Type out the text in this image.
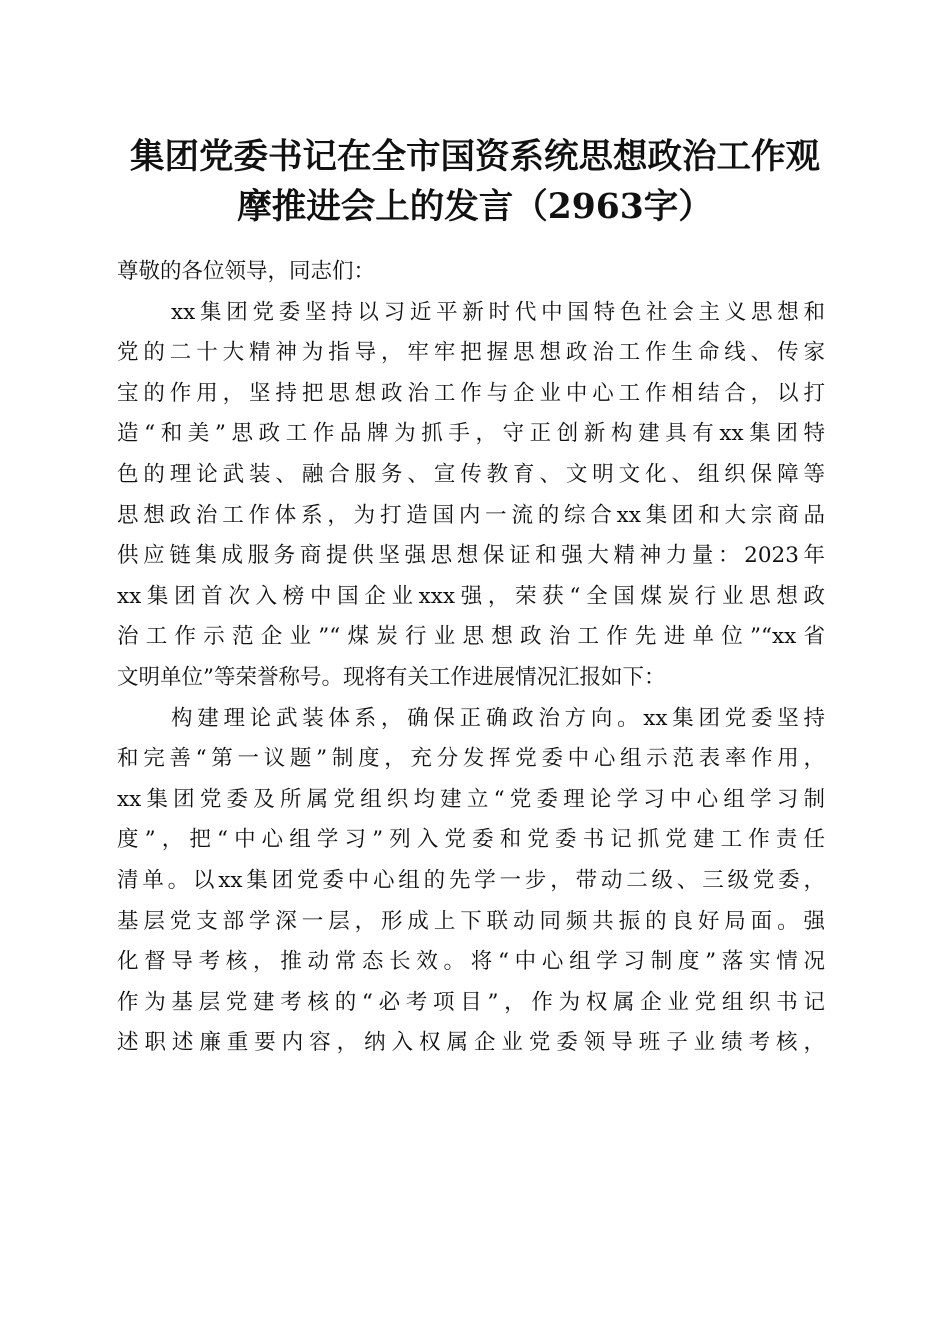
集团党委书记在全市国资系统思想政治工作观
摩推进会上的发言（2963字）
尊敬的各位领导，同志们：
xx集团党委坚持以习近平新时代中国特色社会主义思想和
党的二十大精神为指导，牢牢把握思想政治工作生命线、传家
宝的作用，坚持把思想政治工作与企业中心工作相结合，以打
造“和美”思政工作品牌为抓手，守正创新构建具有xx集团特
色的理论武装、融合服务、宣传教育、文明文化、组织保障等
思想政治工作体系，为打造国内一流的综合xx集团和大宗商品
供应链集成服务商提供坚强思想保证和强大精神力量：2023年
xx集团首次入榜中国企业xxx强，荣获“全国煤炭行业思想政
治工作示范企业”“煤炭行业思想政治工作先进单位”“xx省
文明单位”等荣誉称号。现将有关工作进展情况汇报如下：
构建理论武装体系，确保正确政治方向。xx集团党委坚持
和完善“第一议题”制度，充分发挥党委中心组示范表率作用，
xx集团党委及所属党组织均建立“党委理论学习中心组学习制
度”，把“中心组学习”列入党委和党委书记抓党建工作责任
清单。以xx集团党委中心组的先学一步，带动二级、三级党委，
基层党支部学深一层，形成上下联动同频共振的良好局面。强
化督导考核，推动常态长效。将“中心组学习制度”落实情况
作为基层党建考核的“必考项目”，作为权属企业党组织书记
述职述廉重要内容，纳入权属企业党委领导班子业绩考核，
